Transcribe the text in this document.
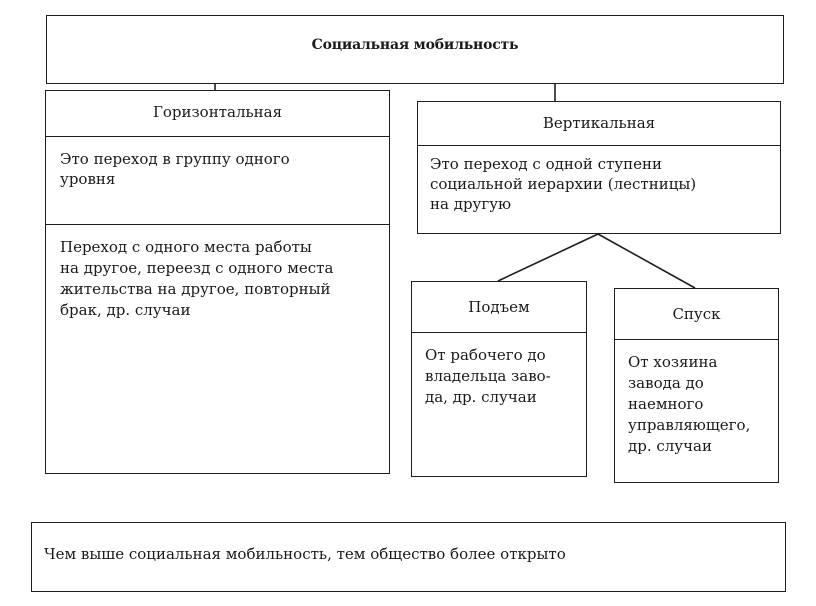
Социальная мобильность
Горизонтальная
Это переход в группу одного
уровня
Переход с одного места работы
на другое, переезд с одного места
жительства на другое, повторный
брак, др. случаи
Вертикальная
Это переход с одной ступени
социальной иерархии (лестницы)
на другую
Подъем
От рабочего до
владельца заво-
да, др. случаи
Спуск
От хозяина
завода до
наемного
управляющего,
др. случаи
Чем выше социальная мобильность, тем общество более открыто
